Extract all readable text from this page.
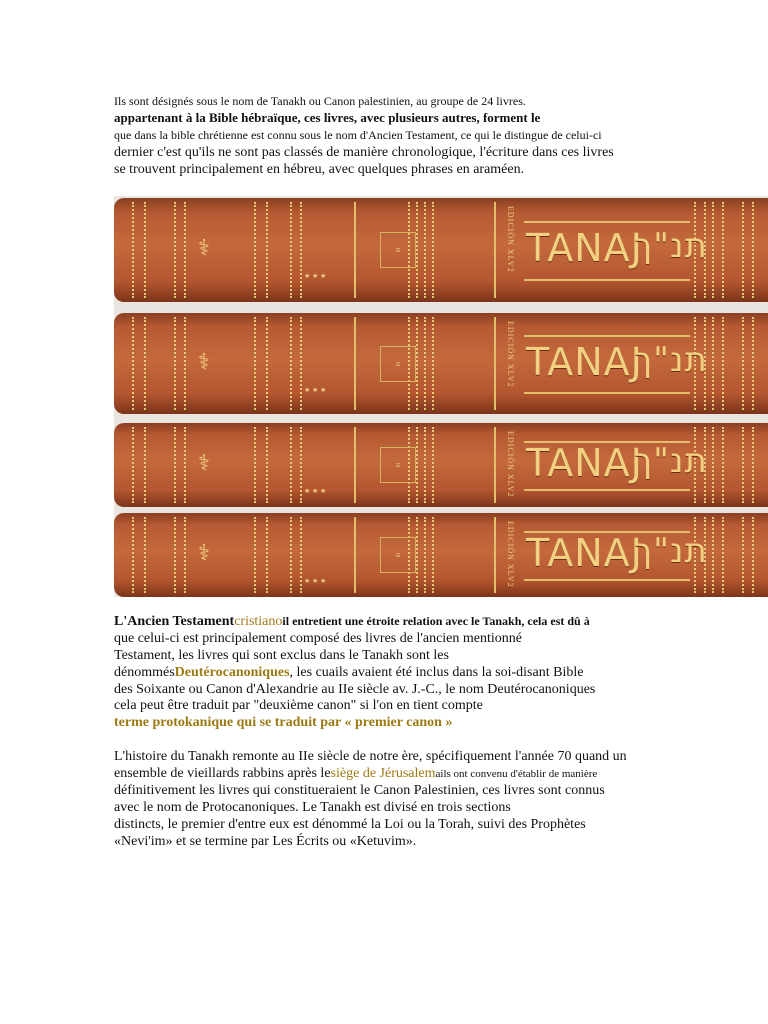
Ils sont désignés sous le nom de Tanakh ou Canon palestinien, au groupe de 24 livres.
appartenant à la Bible hébraïque, ces livres, avec plusieurs autres, forment le
que dans la bible chrétienne est connu sous le nom d'Ancien Testament, ce qui le distingue de celui-ci
dernier c'est qu'ils ne sont pas classés de manière chronologique, l'écriture dans ces livres
se trouvent principalement en hébreu, avec quelques phrases en araméen.
⚕	≡
★ ★ ★
EDICIÓN XLV2 TANAJ
תנ"ך
⚕	≡
★ ★ ★
EDICIÓN XLV2 TANAJ
תנ"ך
⚕	≡
★ ★ ★	EDICIÓN XLV2 TANAJ
תנ"ך
⚕	≡
★ ★ ★	EDICIÓN XLV2 TANAJ
תנ"ך
L'Ancien Testamentcristianoil entretient une étroite relation avec le Tanakh, cela est dû à
que celui-ci est principalement composé des livres de l'ancien mentionné
Testament, les livres qui sont exclus dans le Tanakh sont les
dénommésDeutérocanoniques, les cuails avaient été inclus dans la soi-disant Bible
des Soixante ou Canon d'Alexandrie au IIe siècle av. J.-C., le nom Deutérocanoniques
cela peut être traduit par "deuxième canon" si l'on en tient compte
terme protokanique qui se traduit par « premier canon »
L'histoire du Tanakh remonte au IIe siècle de notre ère, spécifiquement l'année 70 quand un
ensemble de vieillards rabbins après lesiège de Jérusalemails ont convenu d'établir de manière
définitivement les livres qui constitueraient le Canon Palestinien, ces livres sont connus
avec le nom de Protocanoniques. Le Tanakh est divisé en trois sections
distincts, le premier d'entre eux est dénommé la Loi ou la Torah, suivi des Prophètes
«Nevi'im» et se termine par Les Écrits ou «Ketuvim».
